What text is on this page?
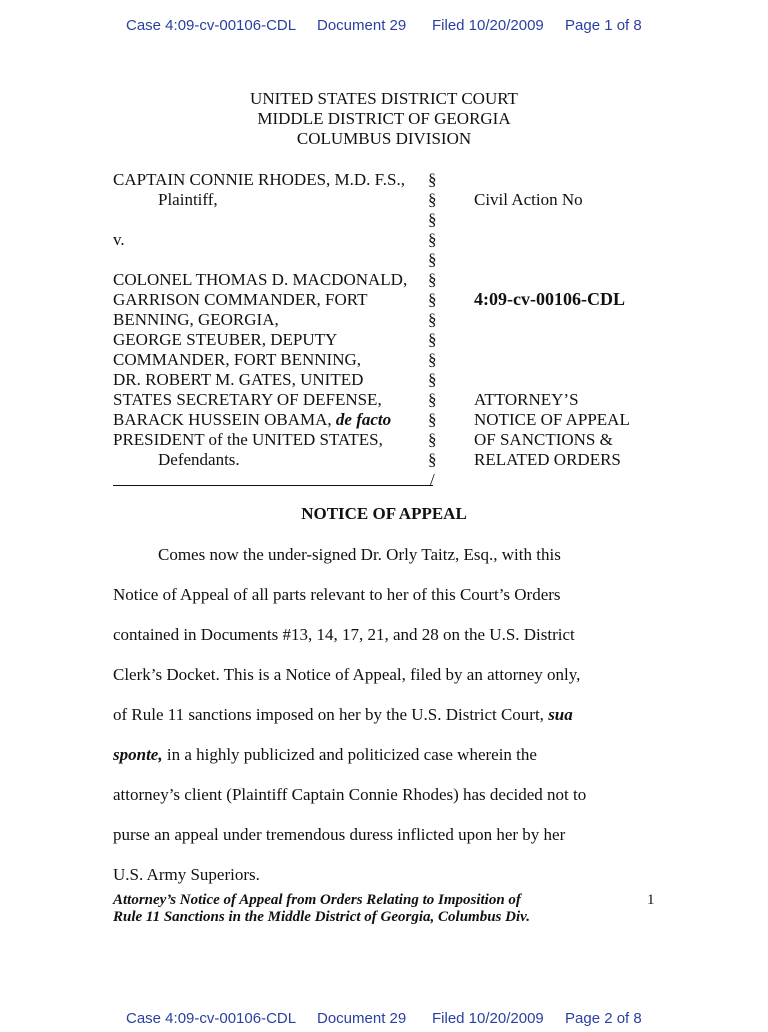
Case 4:09-cv-00106-CDL Document 29 Filed 10/20/2009 Page 1 of 8
UNITED STATES DISTRICT COURT
MIDDLE DISTRICT OF GEORGIA
COLUMBUS DIVISION
CAPTAIN CONNIE RHODES, M.D. F.S.,
Plaintiff,
v.
COLONEL THOMAS D. MACDONALD,
GARRISON COMMANDER, FORT
BENNING, GEORGIA,
GEORGE STEUBER, DEPUTY
COMMANDER, FORT BENNING,
DR. ROBERT M. GATES, UNITED
STATES SECRETARY OF DEFENSE,
BARACK HUSSEIN OBAMA, de facto
PRESIDENT of the UNITED STATES,
Defendants.
§
§
§
§
§
§
§
§
§
§
§
§
§
§
§
/
Civil Action No
4:09-cv-00106-CDL
ATTORNEY’S
NOTICE OF APPEAL
OF SANCTIONS &
RELATED ORDERS
NOTICE OF APPEAL
Comes now the under-signed Dr. Orly Taitz, Esq., with this
Notice of Appeal of all parts relevant to her of this Court’s Orders
contained in Documents #13, 14, 17, 21, and 28 on the U.S. District
Clerk’s Docket. This is a Notice of Appeal, filed by an attorney only,
of Rule 11 sanctions imposed on her by the U.S. District Court, sua
sponte, in a highly publicized and politicized case wherein the
attorney’s client (Plaintiff Captain Connie Rhodes) has decided not to
purse an appeal under tremendous duress inflicted upon her by her
U.S. Army Superiors.
Attorney’s Notice of Appeal from Orders Relating to Imposition of
Rule 11 Sanctions in the Middle District of Georgia, Columbus Div.
1
Case 4:09-cv-00106-CDL Document 29 Filed 10/20/2009 Page 2 of 8
